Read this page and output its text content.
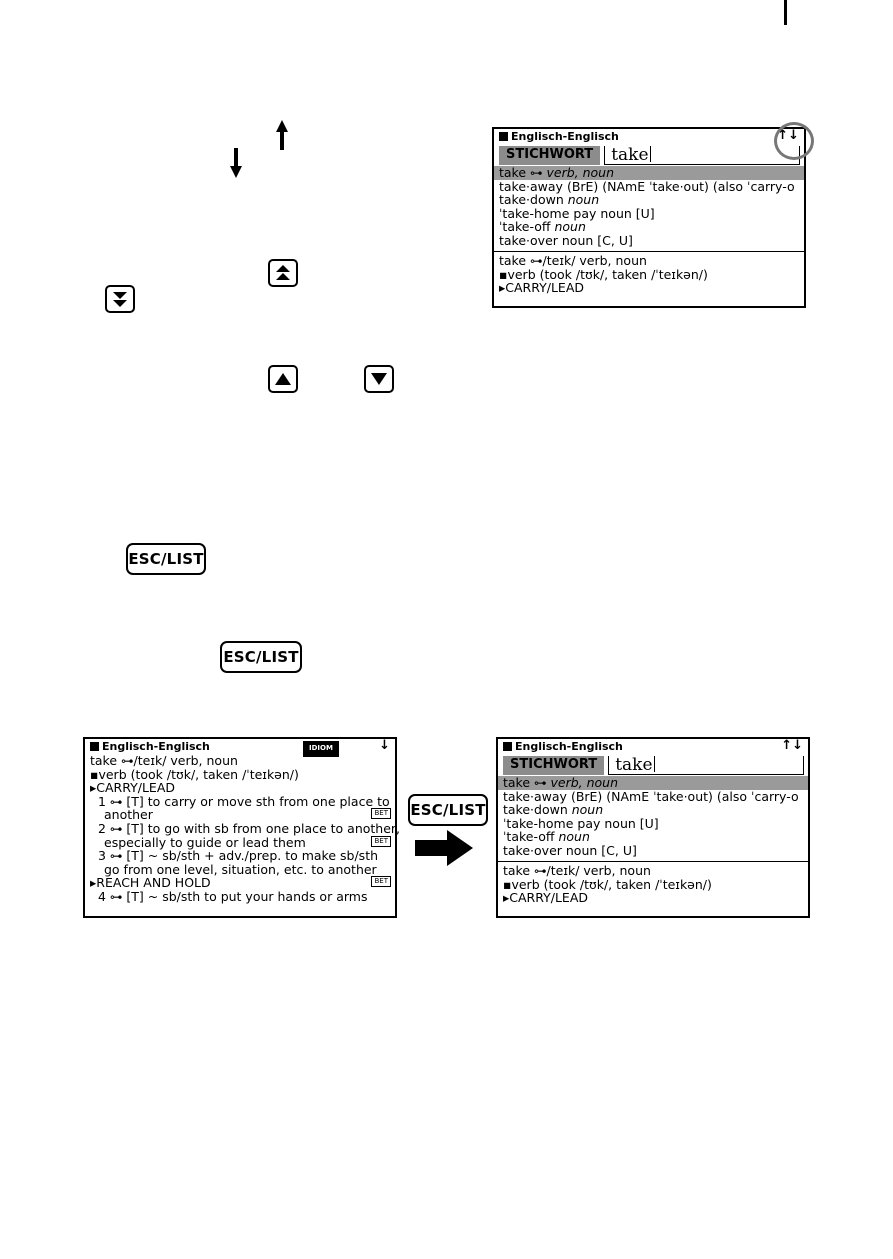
ESC/LIST
ESC/LIST
ESC/LIST
Englisch-Englisch	↑↓
STICHWORT	take
take ⊶ verb, noun
take·away (BrE) (NAmE ˈtake·out) (also ˈcarry-o
take·down noun
ˈtake-home pay noun [U]
ˈtake-off noun
take·over noun [C, U]
take ⊶/teɪk/ verb, noun
▪verb (took /tʊk/, taken /ˈteɪkən/)
▸CARRY/LEAD
Englisch-Englisch	IDIOM	↓
take ⊶/teɪk/ verb, noun
▪verb (took /tʊk/, taken /ˈteɪkən/)
▸CARRY/LEAD
1 ⊶ [T] to carry or move sth from one place to
another	BET
2 ⊶ [T] to go with sb from one place to another,
especially to guide or lead them	BET
3 ⊶ [T] ~ sb/sth + adv./prep. to make sb/sth
go from one level, situation, etc. to another
BET
▸REACH AND HOLD
4 ⊶ [T] ~ sb/sth to put your hands or arms
Englisch-Englisch	↑↓
STICHWORT	take
take ⊶ verb, noun
take·away (BrE) (NAmE ˈtake·out) (also ˈcarry-o
take·down noun
ˈtake-home pay noun [U]
ˈtake-off noun
take·over noun [C, U]
take ⊶/teɪk/ verb, noun
▪verb (took /tʊk/, taken /ˈteɪkən/)
▸CARRY/LEAD
